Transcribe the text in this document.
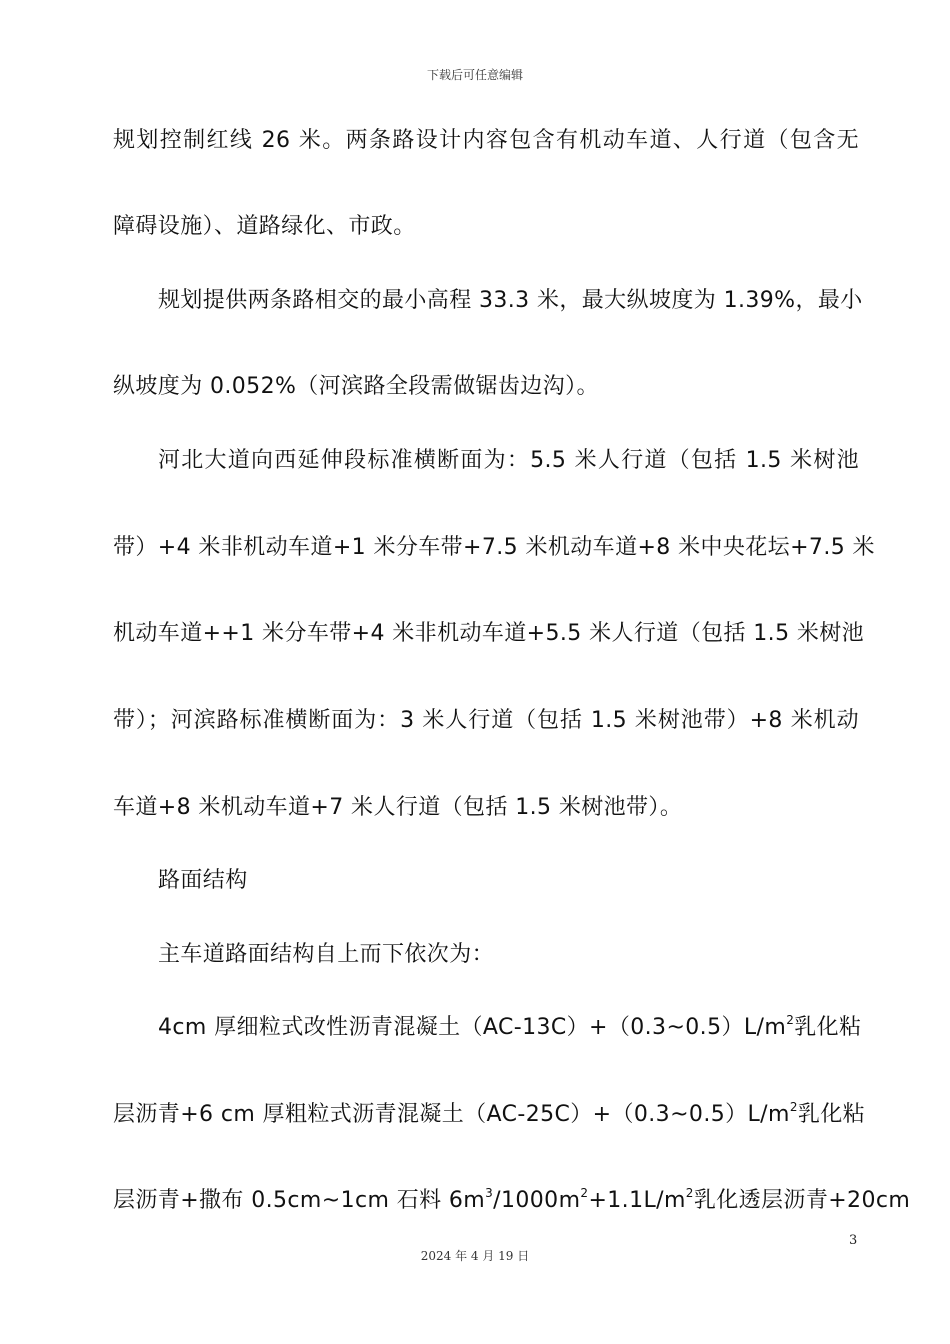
下载后可任意编辑
规划控制红线 26 米。两条路设计内容包含有机动车道、人行道（包含无
障碍设施）、道路绿化、市政。
规划提供两条路相交的最小高程 33.3 米，最大纵坡度为 1.39%，最小
纵坡度为 0.052%（河滨路全段需做锯齿边沟）。
河北大道向西延伸段标准横断面为：5.5 米人行道（包括 1.5 米树池
带）+4 米非机动车道+1 米分车带+7.5 米机动车道+8 米中央花坛+7.5 米
机动车道++1 米分车带+4 米非机动车道+5.5 米人行道（包括 1.5 米树池
带）；河滨路标准横断面为：3 米人行道（包括 1.5 米树池带）+8 米机动
车道+8 米机动车道+7 米人行道（包括 1.5 米树池带）。
路面结构
主车道路面结构自上而下依次为：
4cm 厚细粒式改性沥青混凝土$(AC-13C)+(0.3\sim 0.5)L/m^2$乳化粘
层沥青+6 cm 厚粗粒式沥青混凝土$(AC-25C)+(0.3\sim 0.5)L/m^2$乳化粘
层沥青+撒布 0.5cm~1cm 石料 $6m^3/1000m^2+1.1L/m^2$乳化透层沥青+20cm
3
2024 年 4 月 19 日
